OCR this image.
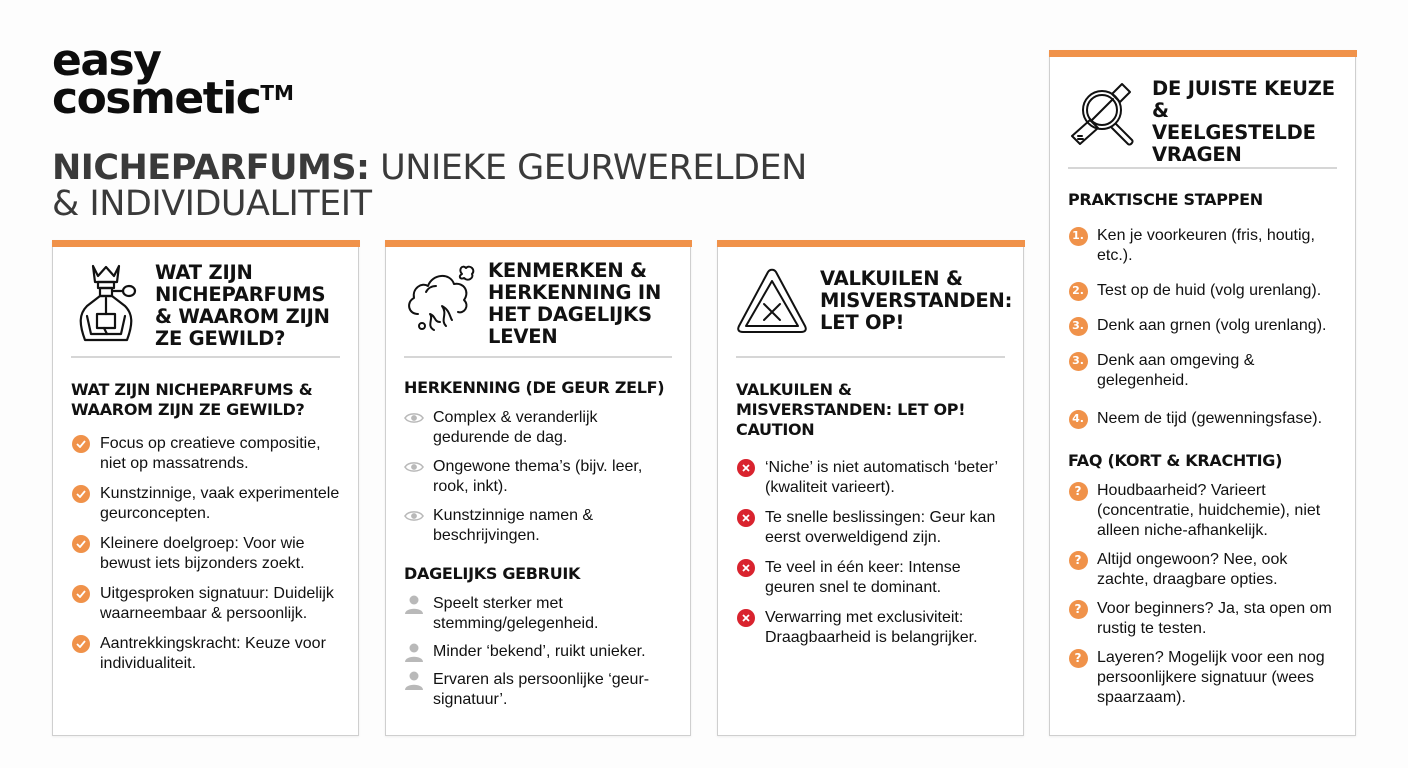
easy
cosmetic™
NICHEPARFUMS: UNIEKE GEURWERELDEN
& INDIVIDUALITEIT
WAT ZIJN NICHEPARFUMS & WAAROM ZIJN ZE GEWILD?
WAT ZIJN NICHEPARFUMS & WAAROM ZIJN ZE GEWILD?
Focus op creatieve compositie, niet op massatrends.
Kunstzinnige, vaak experimentele geurconcepten.
Kleinere doelgroep: Voor wie bewust iets bijzonders zoekt.
Uitgesproken signatuur: Duidelijk waarneembaar & persoonlijk.
Aantrekkingskracht: Keuze voor individualiteit.
KENMERKEN & HERKENNING IN HET DAGELIJKS LEVEN
HERKENNING (DE GEUR ZELF)
Complex & veranderlijk gedurende de dag.
Ongewone thema’s (bijv. leer, rook, inkt).
Kunstzinnige namen & beschrijvingen.
DAGELIJKS GEBRUIK
Speelt sterker met stemming/gelegenheid.
Minder ‘bekend’, ruikt unieker.
Ervaren als persoonlijke ‘geur-signatuur’.
VALKUILEN & MISVERSTANDEN: LET OP!
VALKUILEN & MISVERSTANDEN: LET OP! CAUTION
‘Niche’ is niet automatisch ‘beter’ (kwaliteit varieert).
Te snelle beslissingen: Geur kan eerst overweldigend zijn.
Te veel in één keer: Intense geuren snel te dominant.
Verwarring met exclusiviteit: Draagbaarheid is belangrijker.
DE JUISTE KEUZE & VEELGESTELDE VRAGEN
PRAKTISCHE STAPPEN
1. Ken je voorkeuren (fris, houtig, etc.).
2. Test op de huid (volg urenlang).
3. Denk aan grnen (volg urenlang).
3. Denk aan omgeving & gelegenheid.
4. Neem de tijd (gewenningsfase).
FAQ (KORT & KRACHTIG)
? Houdbaarheid? Varieert (concentratie, huidchemie), niet alleen niche-afhankelijk.
? Altijd ongewoon? Nee, ook zachte, draagbare opties.
? Voor beginners? Ja, sta open om rustig te testen.
? Layeren? Mogelijk voor een nog persoonlijkere signatuur (wees spaarzaam).
